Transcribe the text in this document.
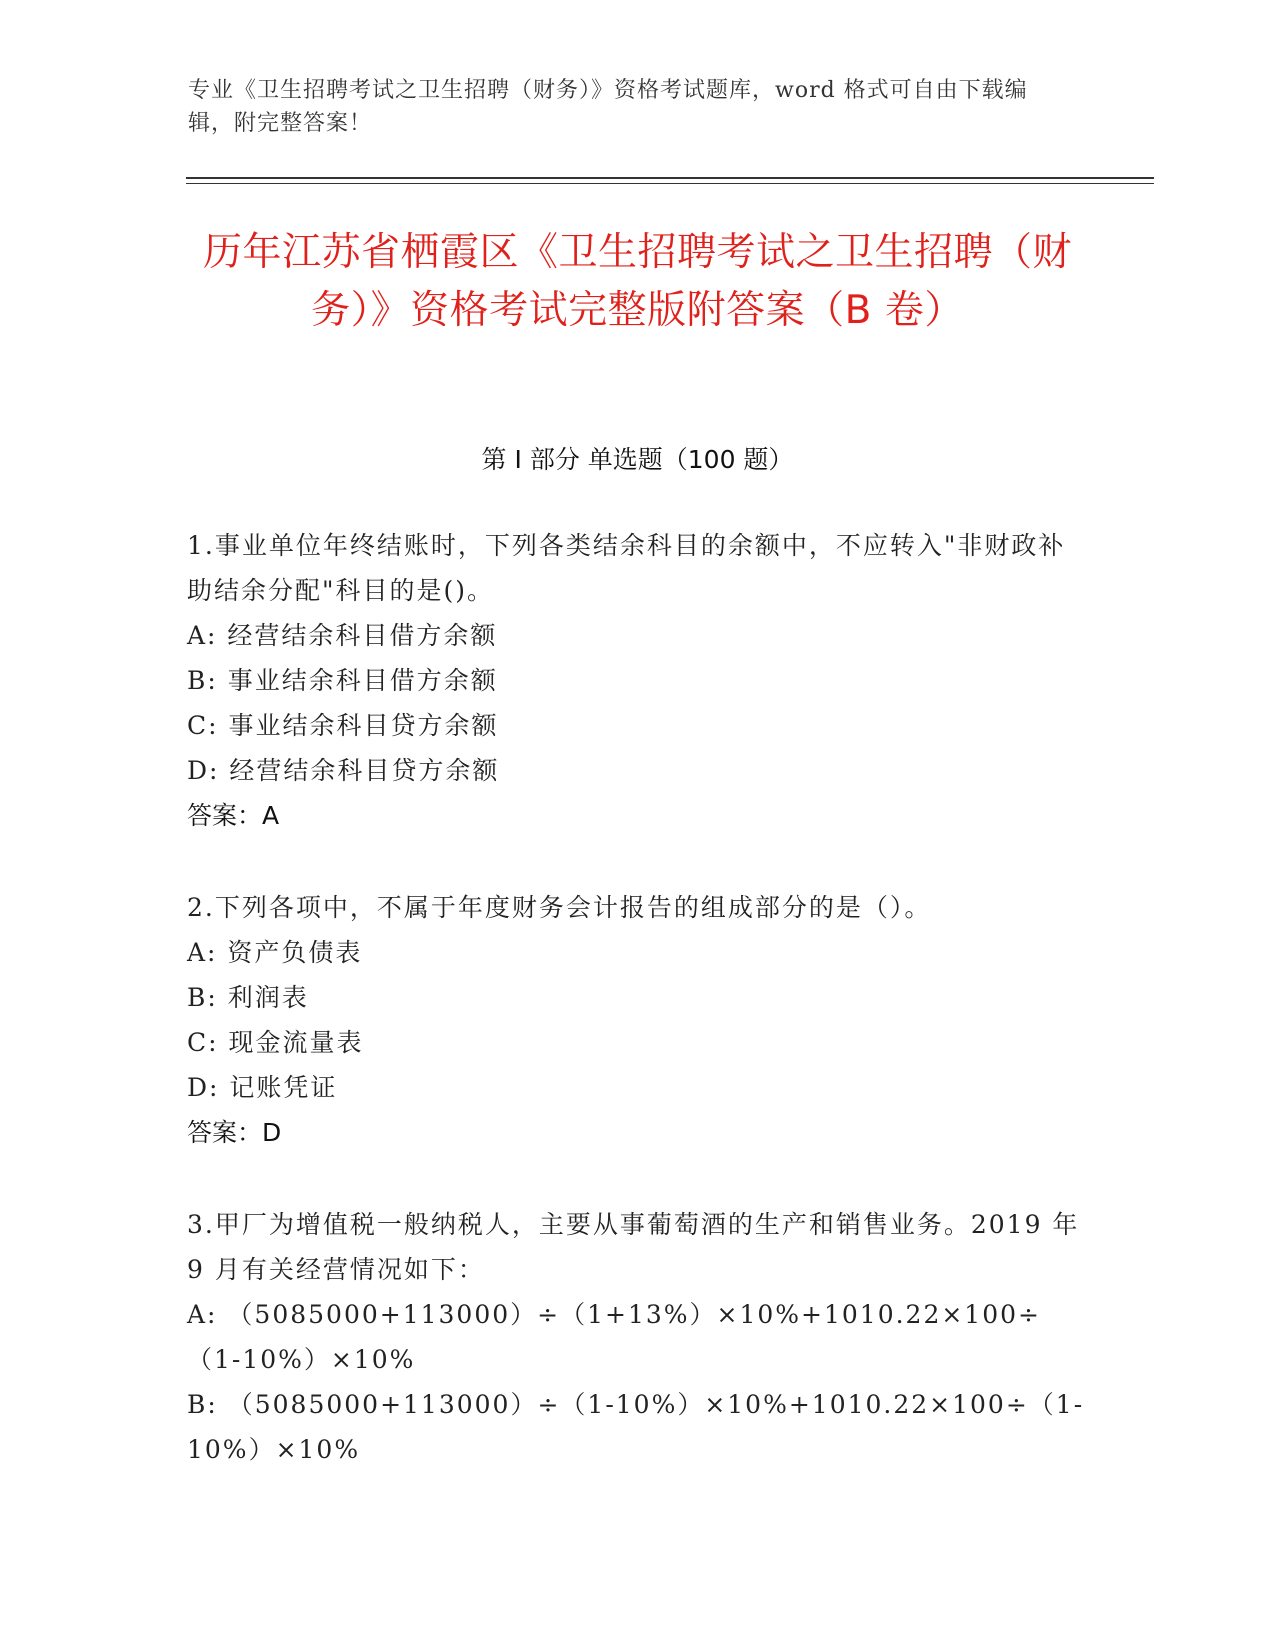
专业《卫生招聘考试之卫生招聘（财务）》资格考试题库，word 格式可自由下载编辑，附完整答案！
历年江苏省栖霞区《卫生招聘考试之卫生招聘（财务）》资格考试完整版附答案（B 卷）
第 I 部分 单选题（100 题）
1.事业单位年终结账时，下列各类结余科目的余额中，不应转入"非财政补助结余分配"科目的是()。
A: 经营结余科目借方余额
B: 事业结余科目借方余额
C: 事业结余科目贷方余额
D: 经营结余科目贷方余额
答案：A
2.下列各项中，不属于年度财务会计报告的组成部分的是（）。
A: 资产负债表
B: 利润表
C: 现金流量表
D: 记账凭证
答案：D
3.甲厂为增值税一般纳税人，主要从事葡萄酒的生产和销售业务。2019 年 9 月有关经营情况如下：
A: （5085000+113000）÷（1+13%）×10%+1010.22×100÷（1-10%）×10%
B: （5085000+113000）÷（1-10%）×10%+1010.22×100÷（1-10%）×10%
